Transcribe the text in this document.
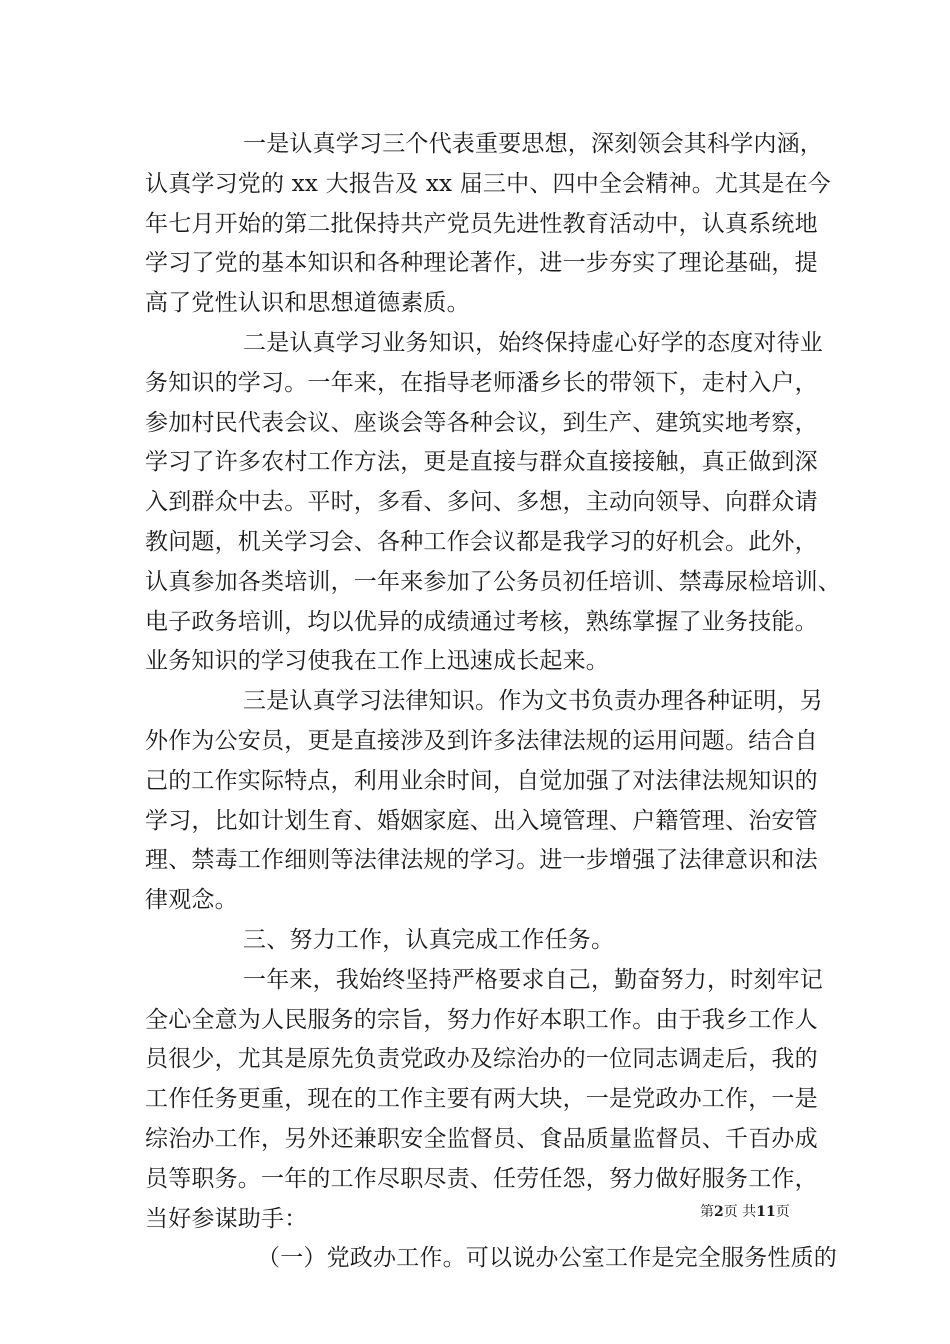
一是认真学习三个代表重要思想，深刻领会其科学内涵，
认真学习党的 xx 大报告及 xx 届三中、四中全会精神。尤其是在今
年七月开始的第二批保持共产党员先进性教育活动中，认真系统地
学习了党的基本知识和各种理论著作，进一步夯实了理论基础，提
高了党性认识和思想道德素质。
二是认真学习业务知识，始终保持虚心好学的态度对待业
务知识的学习。一年来，在指导老师潘乡长的带领下，走村入户，
参加村民代表会议、座谈会等各种会议，到生产、建筑实地考察，
学习了许多农村工作方法，更是直接与群众直接接触，真正做到深
入到群众中去。平时，多看、多问、多想，主动向领导、向群众请
教问题，机关学习会、各种工作会议都是我学习的好机会。此外，
认真参加各类培训，一年来参加了公务员初任培训、禁毒尿检培训、
电子政务培训，均以优异的成绩通过考核，熟练掌握了业务技能。
业务知识的学习使我在工作上迅速成长起来。
三是认真学习法律知识。作为文书负责办理各种证明，另
外作为公安员，更是直接涉及到许多法律法规的运用问题。结合自
己的工作实际特点，利用业余时间，自觉加强了对法律法规知识的
学习，比如计划生育、婚姻家庭、出入境管理、户籍管理、治安管
理、禁毒工作细则等法律法规的学习。进一步增强了法律意识和法
律观念。
三、努力工作，认真完成工作任务。
一年来，我始终坚持严格要求自己，勤奋努力，时刻牢记
全心全意为人民服务的宗旨，努力作好本职工作。由于我乡工作人
员很少，尤其是原先负责党政办及综治办的一位同志调走后，我的
工作任务更重，现在的工作主要有两大块，一是党政办工作，一是
综治办工作，另外还兼职安全监督员、食品质量监督员、千百办成
员等职务。一年的工作尽职尽责、任劳任怨，努力做好服务工作，
当好参谋助手：
（一）党政办工作。可以说办公室工作是完全服务性质的
第2页 共11页
